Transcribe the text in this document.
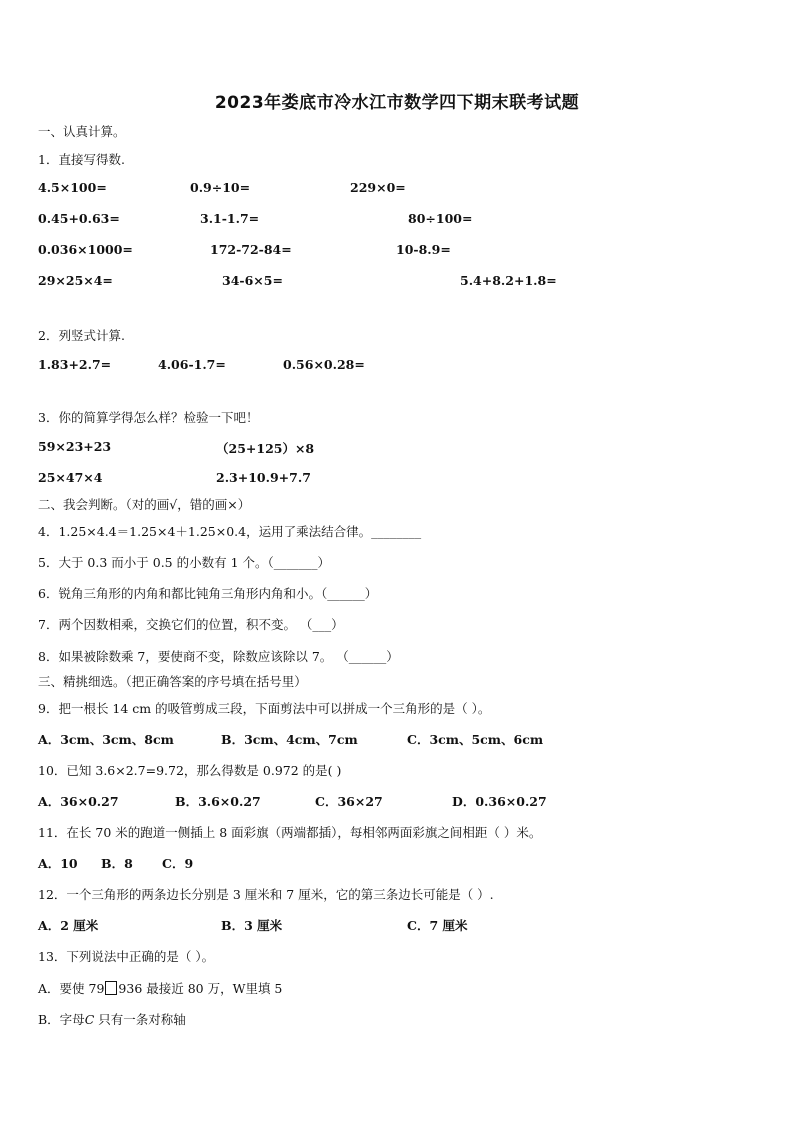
2023年娄底市冷水江市数学四下期末联考试题
一、认真计算。
1．直接写得数.
4.5×100=	0.9÷10=	229×0=
0.45+0.63=	3.1-1.7=	80÷100=
0.036×1000=	172-72-84=	10-8.9=
29×25×4=	34-6×5=	5.4+8.2+1.8=
2．列竖式计算.
1.83+2.7=	4.06-1.7=	0.56×0.28=
3．你的简算学得怎么样？检验一下吧！
59×23+23	（25+125）×8
25×47×4	2.3+10.9+7.7
二、我会判断。（对的画√，错的画×）
4．1.25×4.4＝1.25×4＋1.25×0.4，运用了乘法结合律。________
5．大于 0.3 而小于 0.5 的小数有 1 个。（_______）
6．锐角三角形的内角和都比钝角三角形内角和小。（______）
7．两个因数相乘，交换它们的位置，积不变。 （___）
8．如果被除数乘 7，要使商不变，除数应该除以 7。 （______）
三、精挑细选。（把正确答案的序号填在括号里）
9．把一根长 14 cm 的吸管剪成三段，下面剪法中可以拼成一个三角形的是（ ）。
A．3cm、3cm、8cm	B．3cm、4cm、7cm	C．3cm、5cm、6cm
10．已知 3.6×2.7=9.72，那么得数是 0.972 的是( )
A．36×0.27	B．3.6×0.27	C．36×27	D．0.36×0.27
11．在长 70 米的跑道一侧插上 8 面彩旗（两端都插），每相邻两面彩旗之间相距（ ）米。
A．10 B．8 C．9
12．一个三角形的两条边长分别是 3 厘米和 7 厘米，它的第三条边长可能是（ ）.
A．2 厘米	B．3 厘米	C．7 厘米
13．下列说法中正确的是（ ）。
A．要使 79 936 最接近 80 万，W里填 5
B．字母C 只有一条对称轴
